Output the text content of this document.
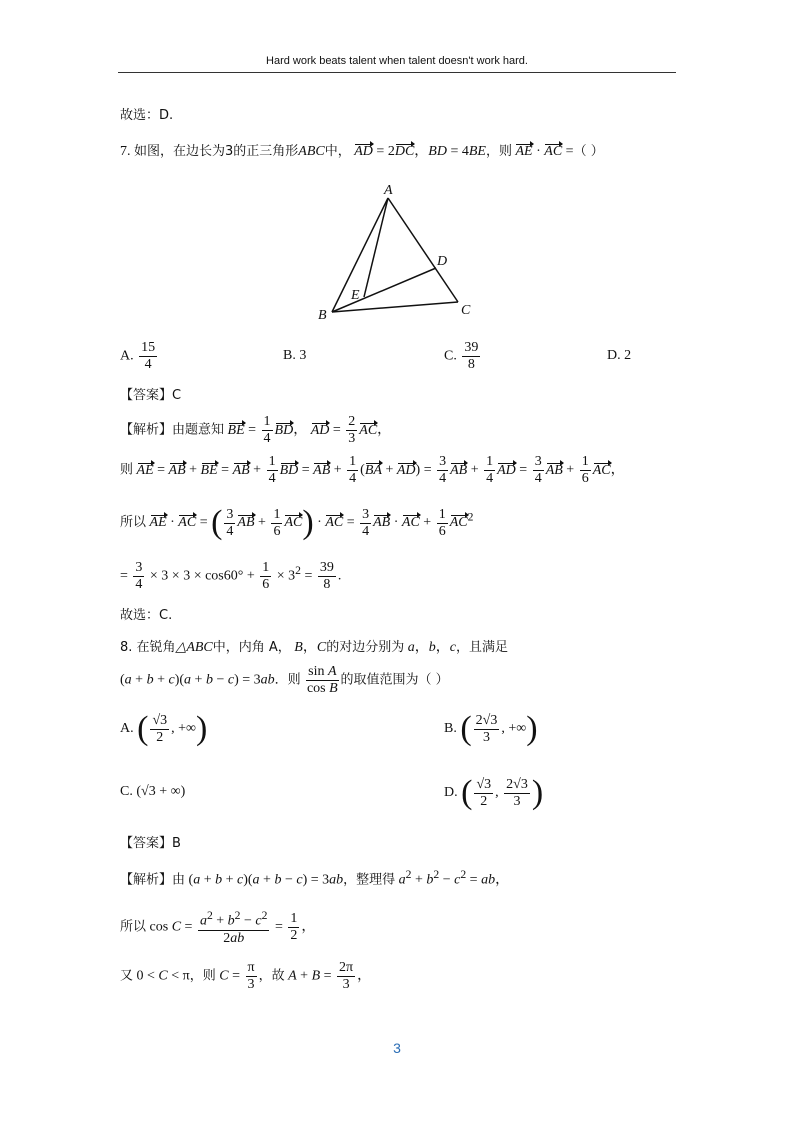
Hard work beats talent when talent doesn't work hard.
故选：D.
7. 如图，在边长为3的正三角形ABC中， AD = 2DC，BD = 4BE，则 AE · AC =（ ）
A
B	C
D
E
A. $\frac{15}{4}$	B. 3	C. $\frac{39}{8}$	D. 2
【答案】C
【解析】由题意知 BE = $\frac{1}{4}$ BD， AD = $\frac{2}{3}$ AC，
则 AE = AB + BE = AB + $\frac{1}{4}$ BD = AB + $\frac{1}{4} (BA + AD) = \frac{3}{4}$ AB + $\frac{1}{4}$ AD = $\frac{3}{4}$ AB + $\frac{1}{6}$ AC，
所以 AE · AC = ( $\frac{3}{4}$ AB + $\frac{1}{6} AC$) · AC = $\frac{3}{4}$ AB · AC + $\frac{1}{6} AC^2$
= $\frac{3}{4} \times 3 \times 3 \times \cos 60^\circ + \frac{1}{6} \times 3^2 = \frac{39}{8}$ .
故选：C.
8. 在锐角△ABC中，内角 A， B，C的对边分别为 a，b，c，且满足
(a + b + c)(a + b − c) = 3ab．则 $\frac{\text{sin A}}{\text{cos B}}$ 的取值范围为（ ）
A. ( $\frac{√3}{2}$ , +∞)	B. ( $\frac{2√3}{3}$ , +∞)
C. (√3 + ∞)	D. ( $\frac{√3}{2}$ , $\frac{2√3}{3}$ )
【答案】B
【解析】由 (a + b + c)(a + b − c) = 3ab，整理得 $a^2 + b^2 - c^2$ = ab，
所以 $\cos C = \frac{a^2 + b^2 - c^2}{2ab} = \frac{1}{2}$ ，
又 0 < C < π，则 $C = \frac{\pi}{3}$ ，故 $A + B = \frac{2\pi}{3}$ ，
3
